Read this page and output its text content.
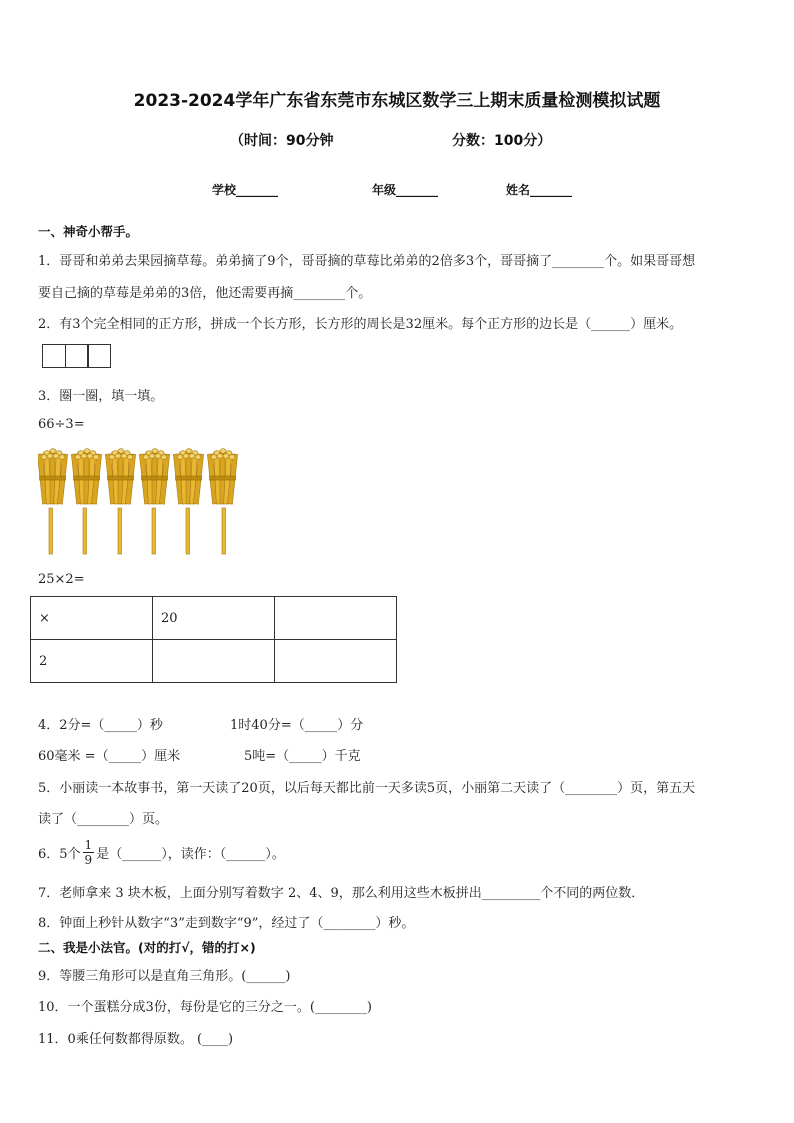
2023-2024学年广东省东莞市东城区数学三上期末质量检测模拟试题
（时间：90分钟	分数：100分）
学校_______	年级_______	姓名_______
一、神奇小帮手。
1．哥哥和弟弟去果园摘草莓。弟弟摘了9个，哥哥摘的草莓比弟弟的2倍多3个，哥哥摘了________个。如果哥哥想
要自己摘的草莓是弟弟的3倍，他还需要再摘________个。
2．有3个完全相同的正方形，拼成一个长方形，长方形的周长是32厘米。每个正方形的边长是（______）厘米。
3．圈一圈，填一填。
66÷3=
25×2=
×	20	
2		
4．2分=（_____）秒	1时40分=（_____）分
60毫米 =（_____）厘米	5吨=（_____）千克
5．小丽读一本故事书，第一天读了20页，以后每天都比前一天多读5页，小丽第二天读了（________）页，第五天
读了（________）页。
6．5个 $\frac{1}{9}$ 是（______），读作：（______）。
7．老师拿来 3 块木板，上面分别写着数字 2、4、9，那么利用这些木板拼出_________个不同的两位数．
8．钟面上秒针从数字“3”走到数字“9”，经过了（________）秒。
二、我是小法官。(对的打√，错的打×)
9．等腰三角形可以是直角三角形。(______)
10．一个蛋糕分成3份，每份是它的三分之一。(________)
11．0乘任何数都得原数。 (____)
